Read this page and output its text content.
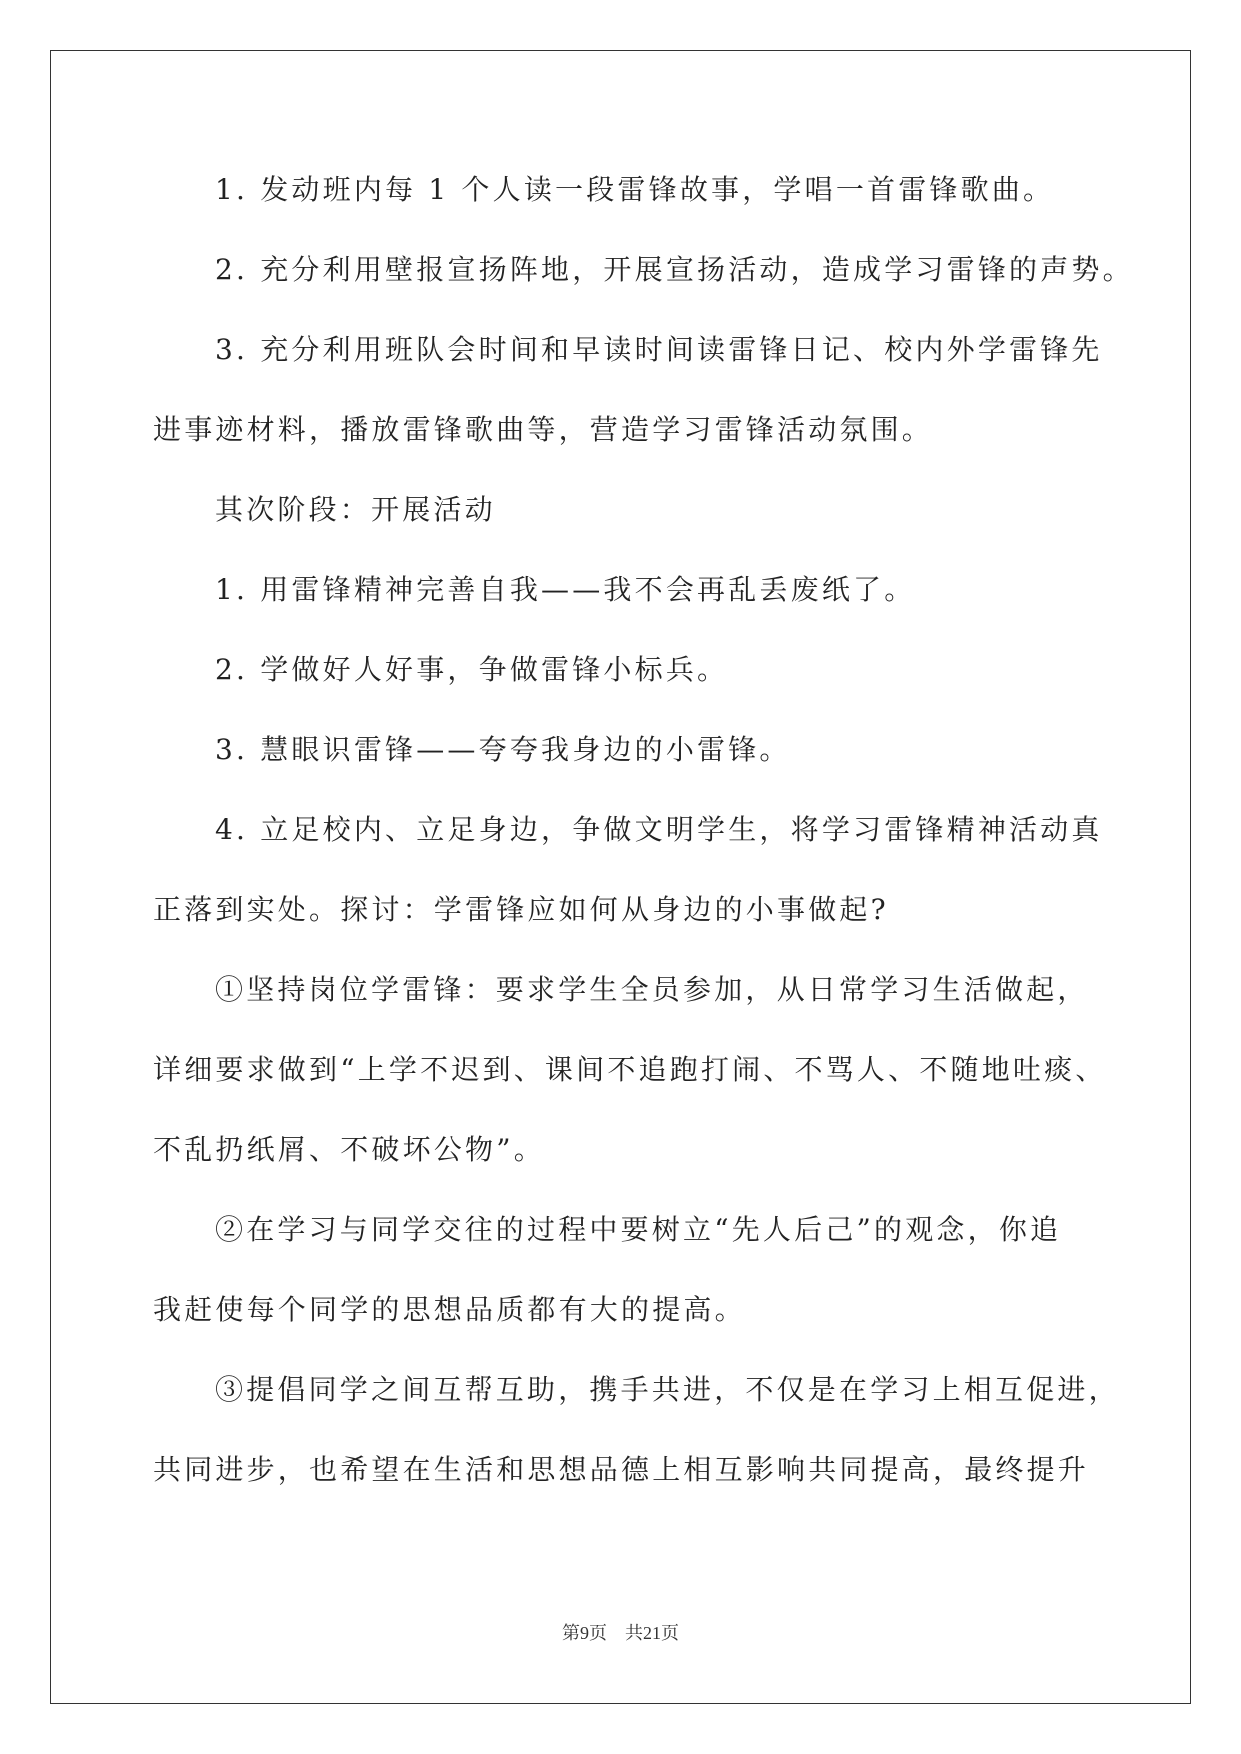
1. 发动班内每 1 个人读一段雷锋故事，学唱一首雷锋歌曲。
2. 充分利用壁报宣扬阵地，开展宣扬活动，造成学习雷锋的声势。
3. 充分利用班队会时间和早读时间读雷锋日记、校内外学雷锋先
进事迹材料，播放雷锋歌曲等，营造学习雷锋活动氛围。
其次阶段：开展活动
1. 用雷锋精神完善自我——我不会再乱丢废纸了。
2. 学做好人好事，争做雷锋小标兵。
3. 慧眼识雷锋——夸夸我身边的小雷锋。
4. 立足校内、立足身边，争做文明学生，将学习雷锋精神活动真
正落到实处。探讨：学雷锋应如何从身边的小事做起?
①坚持岗位学雷锋：要求学生全员参加，从日常学习生活做起，
详细要求做到“上学不迟到、课间不追跑打闹、不骂人、不随地吐痰、
不乱扔纸屑、不破坏公物”。
②在学习与同学交往的过程中要树立“先人后己”的观念，你追
我赶使每个同学的思想品质都有大的提高。
③提倡同学之间互帮互助，携手共进，不仅是在学习上相互促进，
共同进步，也希望在生活和思想品德上相互影响共同提高，最终提升
第9页　共21页
